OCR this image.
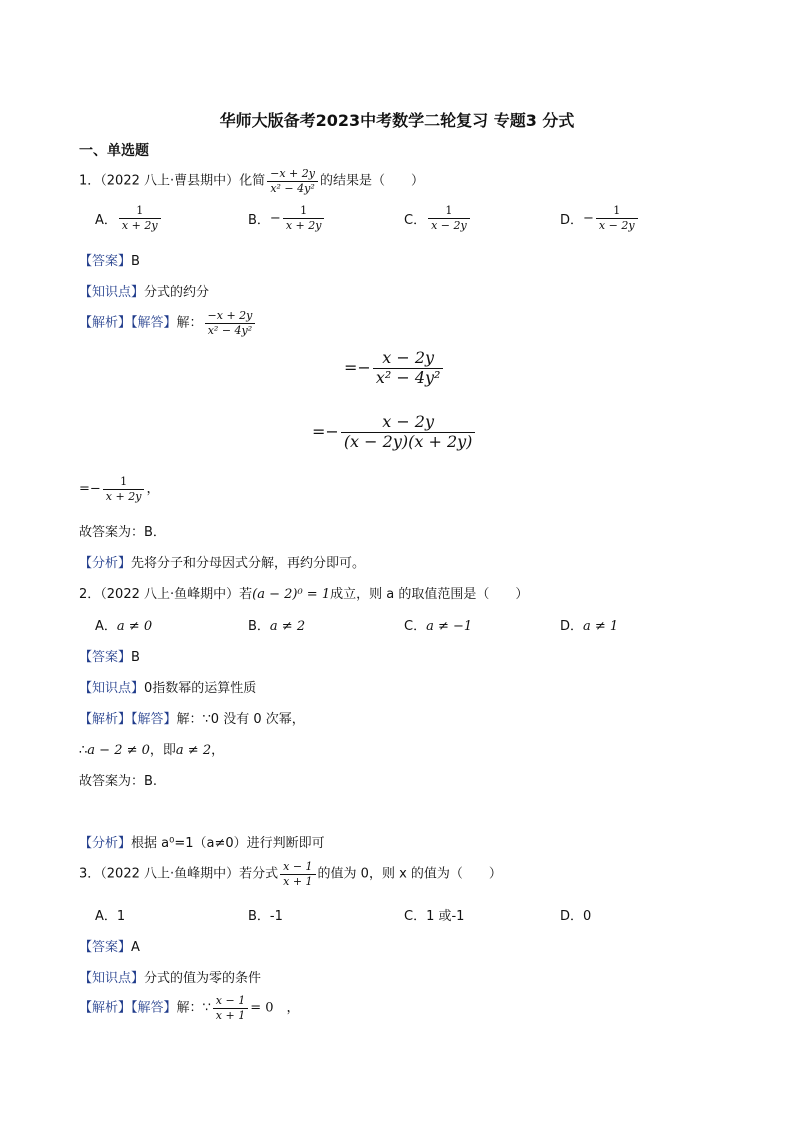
华师大版备考2023中考数学二轮复习 专题3 分式
一、单选题
1．（2022 八上·曹县期中）化简 $\frac{-x + 2y}{\text{x² − 4y²}}$ 的结果是（　　）
A． $\frac{1}{x + 2y}$	B． − $\frac{1}{x + 2y}$	C． $\frac{1}{x - 2y}$	D． − $\frac{1}{x - 2y}$
【答案】B
【知识点】分式的约分
【解析】【解答】解： $\frac{-x + 2y}{\text{x² − 4y²}}$
=− $\frac{x - 2y}{\text{x² − 4y²}}$
=− $\frac{x - 2y}{(x - 2y)(x + 2y)}$
=− $\frac{1}{x + 2y}$ ，
故答案为：B．
【分析】先将分子和分母因式分解，再约分即可。
2．（2022 八上·鱼峰期中）若(a − 2)⁰ = 1成立，则 a 的取值范围是（　　）
A．a ≠ 0	B．a ≠ 2	C．a ≠ −1	D．a ≠ 1
【答案】B
【知识点】0指数幂的运算性质
【解析】【解答】解：∵0 没有 0 次幂，
∴a − 2 ≠ 0，即a ≠ 2，
故答案为：B.
【分析】根据 a⁰=1（a≠0）进行判断即可
3．（2022 八上·鱼峰期中）若分式 $\frac{x - 1}{x + 1}$ 的值为 0，则 x 的值为（　　）
A．1	B．-1	C．1 或-1	D．0
【答案】A
【知识点】分式的值为零的条件
【解析】【解答】解：∵ $\frac{x - 1}{x + 1} = 0$　，
